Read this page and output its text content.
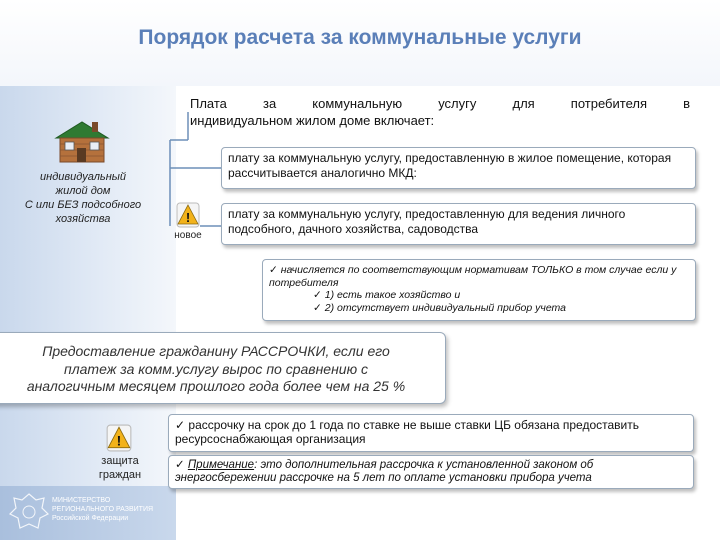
Порядок расчета за коммунальные услуги
индивидуальный
жилой дом
С или БЕЗ подсобного
хозяйства	!
новое
Плата за коммунальную услугу для потребителя в

индивидуальном жилом доме включает:
плату за коммунальную услугу, предоставленную в жилое помещение, которая рассчитывается аналогично МКД:
плату за коммунальную услугу, предоставленную для ведения личного подсобного, дачного хозяйства, садоводства
✓ начисляется по соответствующим нормативам ТОЛЬКО в том случае если у потребителя
✓ 1) есть такое хозяйство и
✓ 2) отсутствует индивидуальный прибор учета
Предоставление гражданину РАССРОЧКИ, если его
платеж за комм.услугу вырос по сравнению с
аналогичным месяцем прошлого года более чем на 25 %
!
защита
граждан
✓ рассрочку на срок до 1 года по ставке не выше ставки ЦБ обязана предоставить ресурсоснабжающая организация
✓ Примечание: это дополнительная рассрочка к установленной законом об энергосбережении рассрочке на 5 лет по оплате установки прибора учета
МИНИСТЕРСТВО
РЕГИОНАЛЬНОГО РАЗВИТИЯ
Российской Федерации
